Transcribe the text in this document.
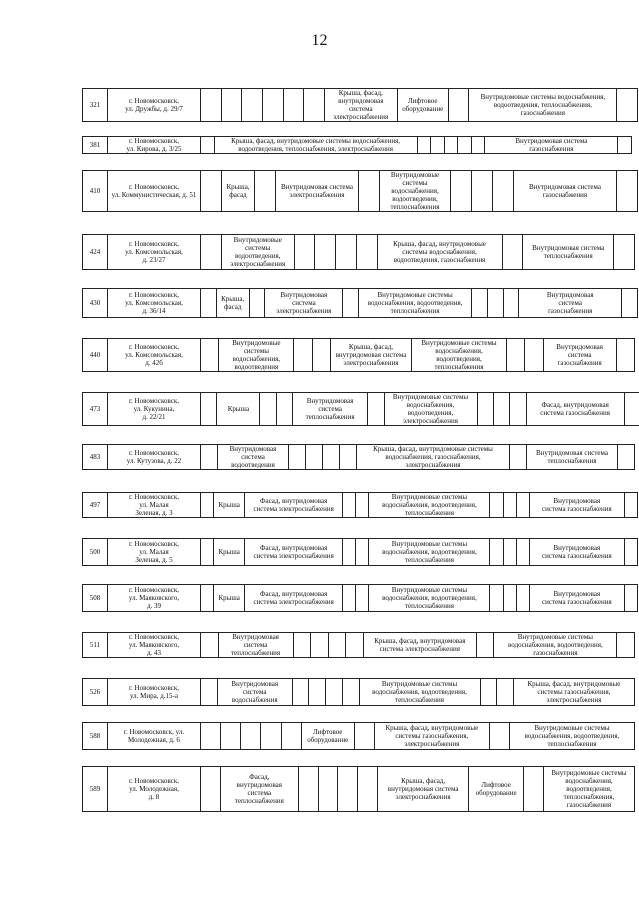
12
321	г. Новомосковск,
ул. Дружбы, д. 29/7							Крыша, фасад,
внутридомовая система
электроснабжения	Лифтовое
оборудование		Внутридомовые системы водоснабжения,
водоотведения, теплоснабжения,
газоснабжения	
381	г. Новомосковск,
ул. Кирова, д. 3/25		Крыша, фасад, внутридомовые системы водоснабжения,
водоотведения, теплоснабжения, электроснабжения						Внутридомовая система
газоснабжения	
410	г. Новомосковск,
ул. Коммунистическая, д. 51		Крыша,
фасад		Внутридомовая система
электроснабжения		Внутридомовые
системы
водоснабжения,
водоотведения,
теплоснабжения				Внутридомовая система
газоснабжения	
424	г. Новомосковск,
ул. Комсомольская,
д. 23/27		Внутридомовые
системы
водоотведения,
электроснабжения					Крыша, фасад, внутридомовые
системы водоснабжения,
водоотведения, газоснабжения		Внутридомовая система
теплоснабжения	
430	г. Новомосковск,
ул. Комсомольская,
д. 36/14		Крыша,
фасад		Внутридомовая
система
электроснабжения		Внутридомовые системы
водоснабжения, водоотведения,
теплоснабжения				Внутридомовая
система
газоснабжения	
440	г. Новомосковск,
ул. Комсомольская,
д. 42б		Внутридомовые
системы
водоснабжения,
водоотведения			Крыша, фасад,
внутридомовая система
электроснабжения	Внутридомовые системы
водоснабжения,
водоотведения,
теплоснабжения			Внутридомовая
система
газоснабжения	
473	г. Новомосковск,
ул. Кукунина,
д. 22/21		Крыша			Внутридомовая
система
теплоснабжения		Внутридомовые системы
водоснабжения,
водоотведения,
электроснабжения				Фасад, внутридомовая
система газоснабжения	
483	г. Новомосковск,
ул. Кутузова, д. 22		Внутридомовая
система
водоотведения					Крыша, фасад, внутридомовые системы
водоснабжения, газоснабжения,
электроснабжения		Внутридомовая система
теплоснабжения	
497	г. Новомосковск,
ул. Малая
Зеленая, д. 3		Крыша	Фасад, внутридомовая
система электроснабжения			Внутридомовые системы
водоснабжения, водоотведения,
теплоснабжения				Внутридомовая
система газоснабжения	
500	г. Новомосковск,
ул. Малая
Зеленая, д. 5		Крыша	Фасад, внутридомовая
система электроснабжения			Внутридомовые системы
водоснабжения, водоотведения,
теплоснабжения				Внутридомовая
система газоснабжения	
508	г. Новомосковск,
ул. Маяковского,
д. 39		Крыша	Фасад, внутридомовая
система электроснабжения			Внутридомовые системы
водоснабжения, водоотведения,
теплоснабжения				Внутридомовая
система газоснабжения	
511	г. Новомосковск,
ул. Маяковского,
д. 43		Внутридомовая
система
теплоснабжения					Крыша, фасад, внутридомовая
система электроснабжения		Внутридомовые системы
водоснабжения, водоотведения,
газоснабжения	
526	г. Новомосковск,
ул. Мира, д.15-а		Внутридомовая
система
водоснабжения					Внутридомовые системы
водоснабжения, водоотведения,
теплоснабжения			Крыша, фасад, внутридомовые
системы газоснабжения,
электроснабжения
588	г. Новомосковск, ул.
Молодежная, д. 6						Лифтовое
оборудование		Крыша, фасад, внутридомовые
системы газоснабжения,
электроснабжения		Внутридомовые системы
водоснабжения, водоотведения,
теплоснабжения
589	г. Новомосковск,
ул. Молодежная,
д. 8		Фасад,
внутридомовая
система
теплоснабжения					Крыша, фасад,
внутридомовая система
электроснабжения	Лифтовое
оборудование		Внутридомовые системы
водоснабжения,
водоотведения,
теплоснабжения,
газоснабжения
